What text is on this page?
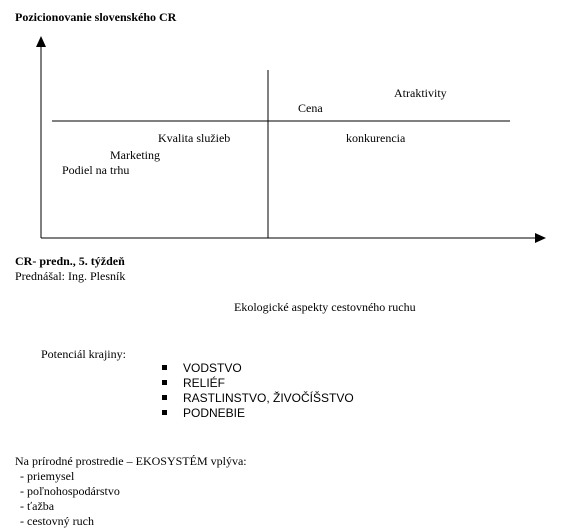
Pozicionovanie slovenského CR
Atraktivity
Cena
Kvalita služieb	konkurencia
Marketing
Podiel na trhu
CR- predn., 5. týždeň
Prednášal: Ing. Plesník
Ekologické aspekty cestovného ruchu
Potenciál krajiny:
VODSTVO
RELIÉF
RASTLINSTVO, ŽIVOČÍŠSTVO
PODNEBIE
Na prírodné prostredie – EKOSYSTÉM vplýva:
- priemysel
- poľnohospodárstvo
- ťažba
- cestovný ruch
